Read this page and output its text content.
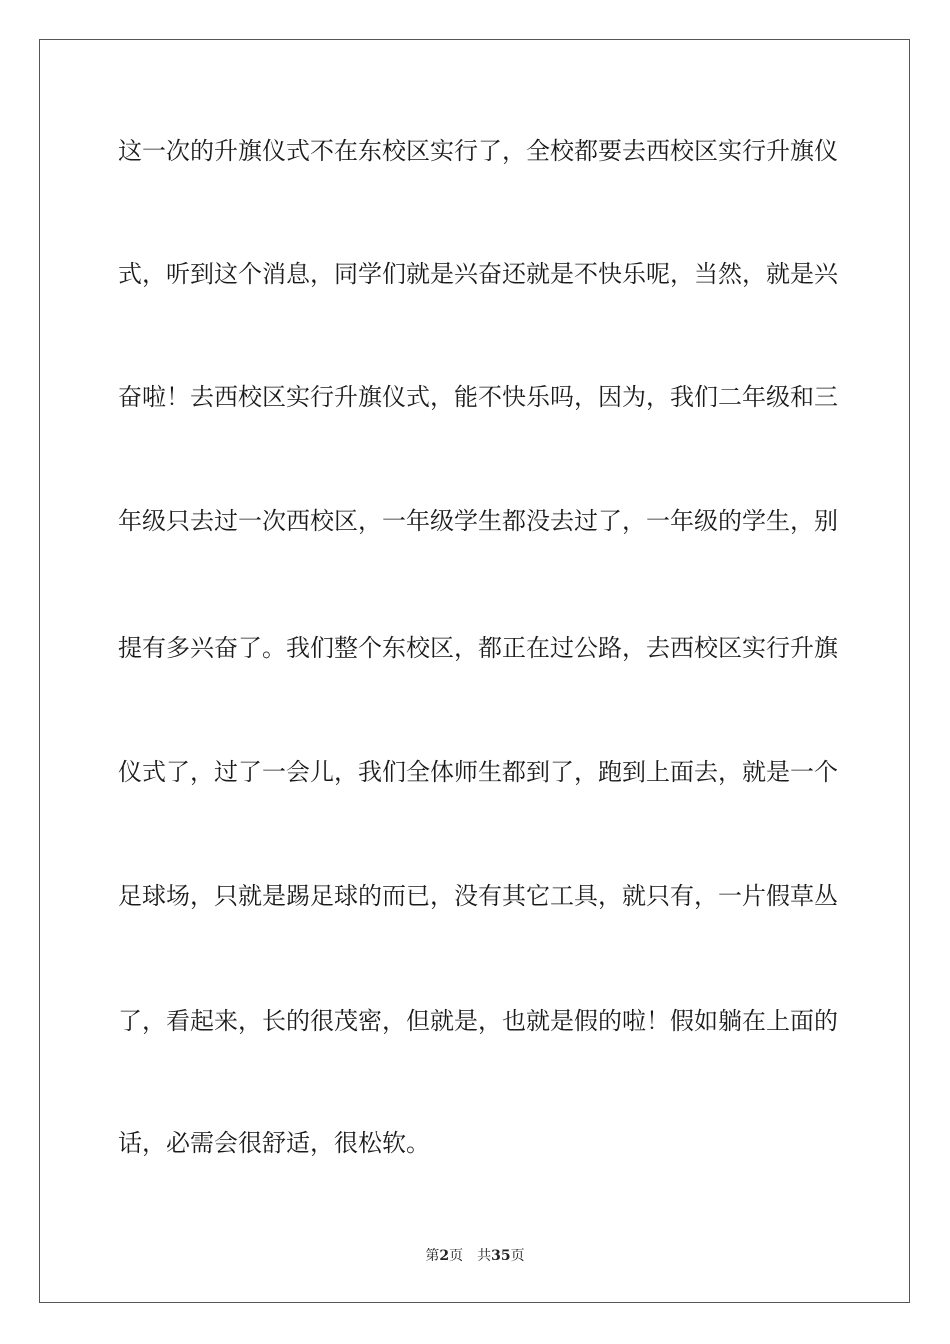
这一次的升旗仪式不在东校区实行了，全校都要去西校区实行升旗仪
式，听到这个消息，同学们就是兴奋还就是不快乐呢，当然，就是兴
奋啦！去西校区实行升旗仪式，能不快乐吗，因为，我们二年级和三
年级只去过一次西校区，一年级学生都没去过了，一年级的学生，别
提有多兴奋了。我们整个东校区，都正在过公路，去西校区实行升旗
仪式了，过了一会儿，我们全体师生都到了，跑到上面去，就是一个
足球场，只就是踢足球的而已，没有其它工具，就只有，一片假草丛
了，看起来，长的很茂密，但就是，也就是假的啦！假如躺在上面的
话，必需会很舒适，很松软。
第2页 共35页
